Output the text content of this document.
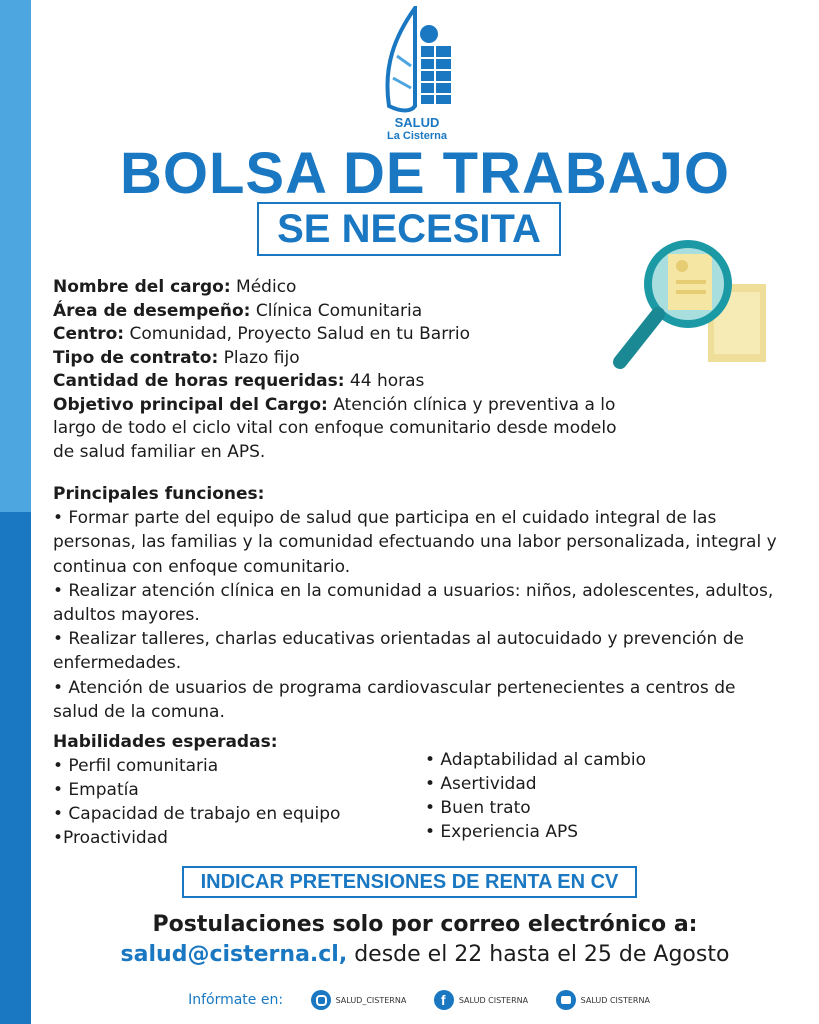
SALUD
La Cisterna
BOLSA DE TRABAJO
SE NECESITA

Nombre del cargo: Médico

Área de desempeño: Clínica Comunitaria

Centro: Comunidad, Proyecto Salud en tu Barrio

Tipo de contrato: Plazo fijo

Cantidad de horas requeridas: 44 horas

Objetivo principal del Cargo: Atención clínica y preventiva a lo largo de todo el ciclo vital con enfoque comunitario desde modelo de salud familiar en APS.

Principales funciones:

• Formar parte del equipo de salud que participa en el cuidado integral de las personas, las familias y la comunidad efectuando una labor personalizada, integral y continua con enfoque comunitario.

• Realizar atención clínica en la comunidad a usuarios: niños, adolescentes, adultos, adultos mayores.

• Realizar talleres, charlas educativas orientadas al autocuidado y prevención de enfermedades.

• Atención de usuarios de programa cardiovascular pertenecientes a centros de salud de la comuna.

Habilidades esperadas:

• Perfil comunitaria

• Empatía

• Capacidad de trabajo en equipo

•Proactividad

• Adaptabilidad al cambio

• Asertividad

• Buen trato

• Experiencia APS

INDICAR PRETENSIONES DE RENTA EN CV
Postulaciones solo por correo electrónico a:
salud@cisterna.cl, desde el 22 hasta el 25 de Agosto
Infórmate en:	SALUD_CISTERNA

f	SALUD CISTERNA
	SALUD CISTERNA
